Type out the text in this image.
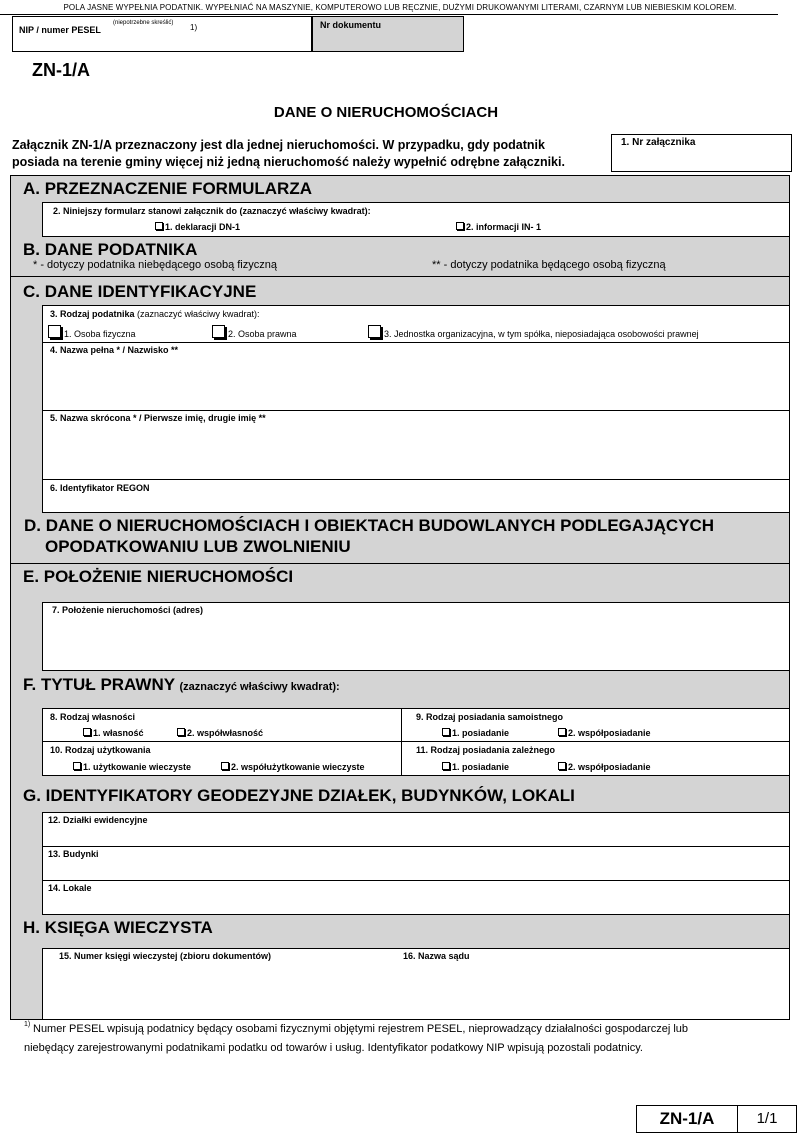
POLA JASNE WYPEŁNIA PODATNIK. WYPEŁNIAĆ NA MASZYNIE, KOMPUTEROWO LUB RĘCZNIE, DUŻYMI DRUKOWANYMI LITERAMI, CZARNYM LUB NIEBIESKIM KOLOREM.
NIP / numer PESEL
(niepotrzebne skreślić) 1)	Nr dokumentu
ZN-1/A
DANE O NIERUCHOMOŚCIACH
Załącznik ZN-1/A przeznaczony jest dla jednej nieruchomości. W przypadku, gdy podatnik
posiada na terenie gminy więcej niż jedną nieruchomość należy wypełnić odrębne załączniki.
1. Nr załącznika
A. PRZEZNACZENIE FORMULARZA
2. Niniejszy formularz stanowi załącznik do (zaznaczyć właściwy kwadrat):
1. deklaracji DN-1	2. informacji IN- 1
B. DANE PODATNIKA
* - dotyczy podatnika niebędącego osobą fizyczną	** - dotyczy podatnika będącego osobą fizyczną
C. DANE IDENTYFIKACYJNE
3. Rodzaj podatnika (zaznaczyć właściwy kwadrat):
1. Osoba fizyczna	2. Osoba prawna	3. Jednostka organizacyjna, w tym spółka, nieposiadająca osobowości prawnej
4. Nazwa pełna * / Nazwisko **
5. Nazwa skrócona * / Pierwsze imię, drugie imię **
6. Identyfikator REGON
D. DANE O NIERUCHOMOŚCIACH I OBIEKTACH BUDOWLANYCH PODLEGAJĄCYCH
OPODATKOWANIU LUB ZWOLNIENIU
E. POŁOŻENIE NIERUCHOMOŚCI
7. Położenie nieruchomości (adres)
F. TYTUŁ PRAWNY (zaznaczyć właściwy kwadrat):
8. Rodzaj własności
1. własność	2. współwłasność
9. Rodzaj posiadania samoistnego
1. posiadanie	2. współposiadanie
10. Rodzaj użytkowania
1. użytkowanie wieczyste	2. współużytkowanie wieczyste
11. Rodzaj posiadania zależnego
1. posiadanie	2. współposiadanie
G. IDENTYFIKATORY GEODEZYJNE DZIAŁEK, BUDYNKÓW, LOKALI
12. Działki ewidencyjne
13. Budynki
14. Lokale
H. KSIĘGA WIECZYSTA
15. Numer księgi wieczystej (zbioru dokumentów)	16. Nazwa sądu
1) Numer PESEL wpisują podatnicy będący osobami fizycznymi objętymi rejestrem PESEL, nieprowadzący działalności gospodarczej lub
niebędący zarejestrowanymi podatnikami podatku od towarów i usług. Identyfikator podatkowy NIP wpisują pozostali podatnicy.
ZN-1/A	1/1
